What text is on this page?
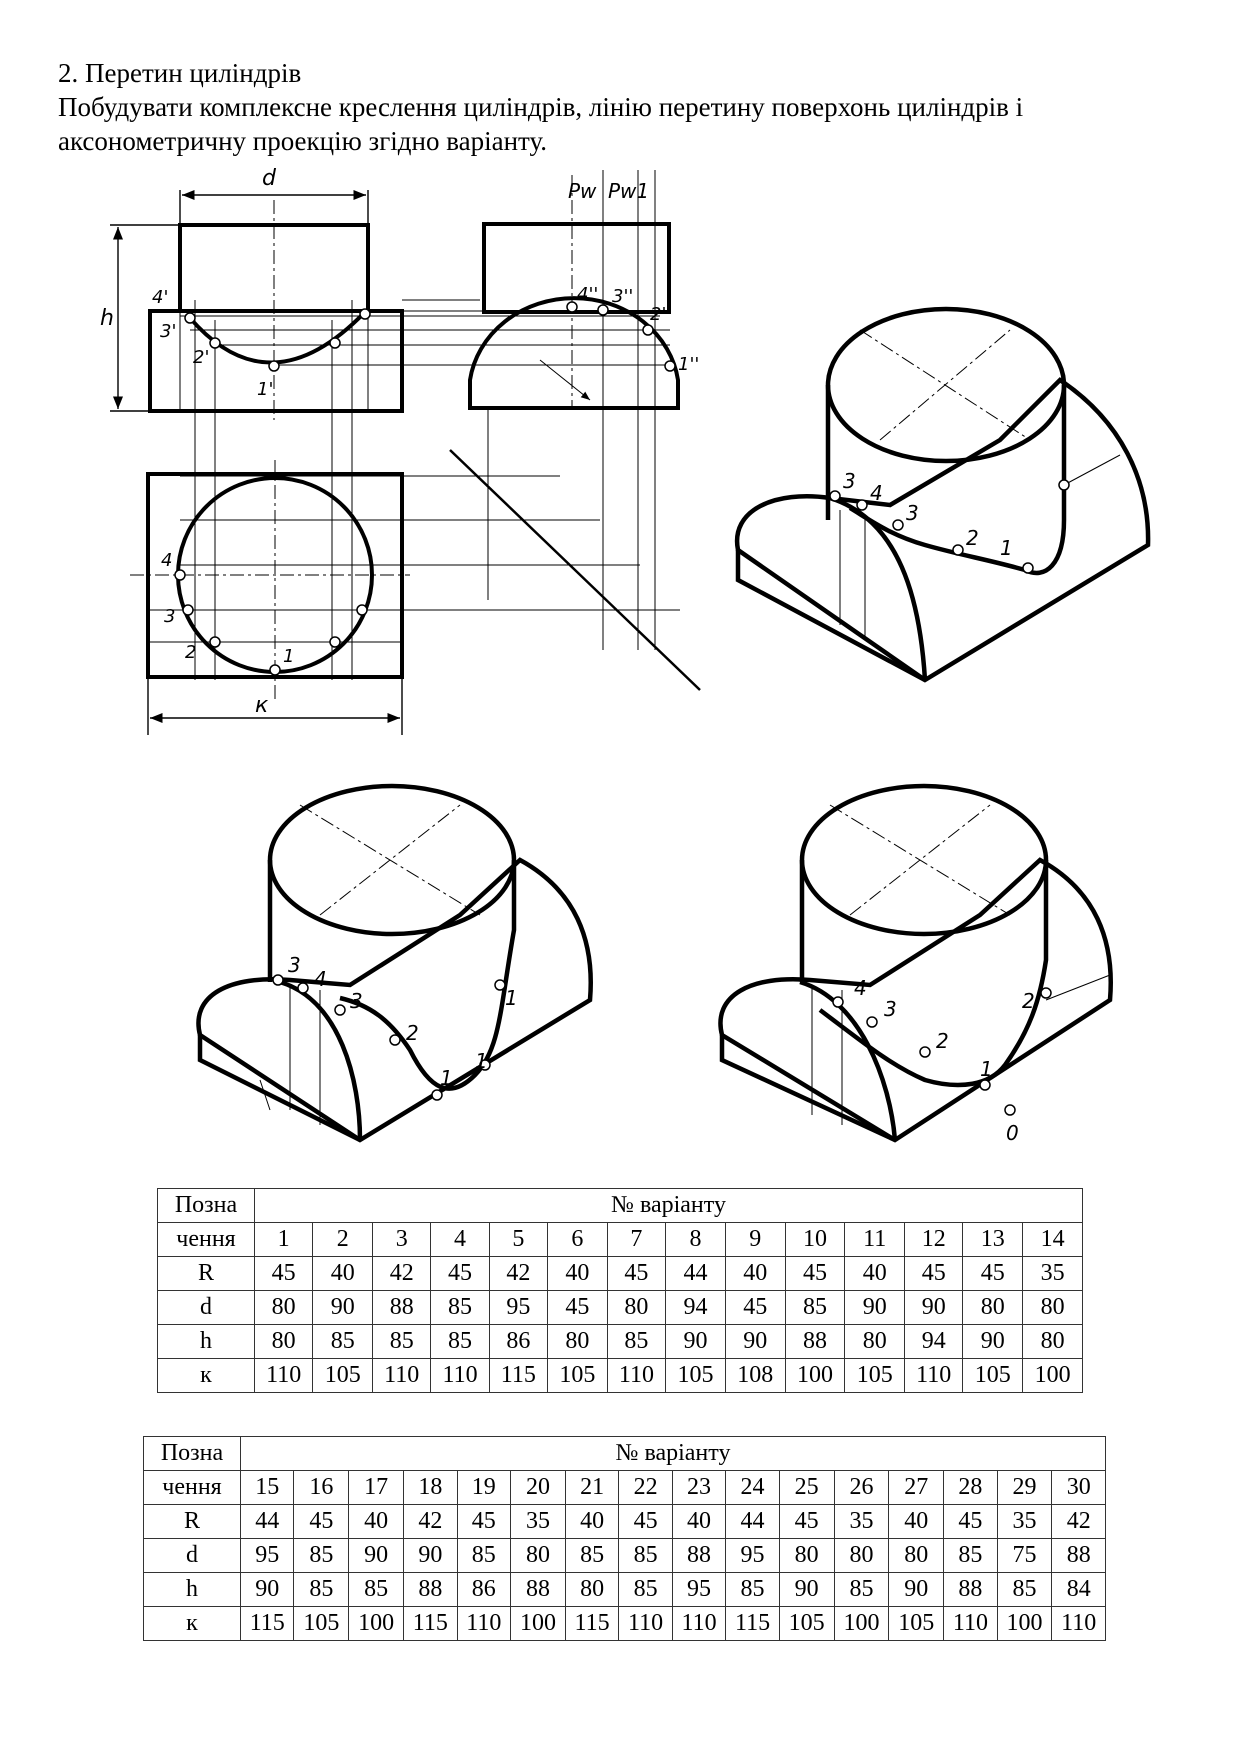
2. Перетин циліндрів
Побудувати комплексне креслення циліндрів, лінію перетину поверхонь циліндрів і
аксонометричну проекцію згідно варіанту.
d
h
к
Pw Pw1
4'
3'
2'
1'
4'' 3''
2''
1''
4
3
2	1
3 4
3
2 1
3
4
3
2
1
1
1	4
3
2
1
2
0
Позна	№ варіанту													
чення	1	2	3	4	5	6	7	8	9	10	11	12	13	14
R	45	40	42	45	42	40	45	44	40	45	40	45	45	35
d	80	90	88	85	95	45	80	94	45	85	90	90	80	80
h	80	85	85	85	86	80	85	90	90	88	80	94	90	80
к	110	105	110	110	115	105	110	105	108	100	105	110	105	100
Позна	№ варіанту															
чення	15	16	17	18	19	20	21	22	23	24	25	26	27	28	29	30
R	44	45	40	42	45	35	40	45	40	44	45	35	40	45	35	42
d	95	85	90	90	85	80	85	85	88	95	80	80	80	85	75	88
h	90	85	85	88	86	88	80	85	95	85	90	85	90	88	85	84
к	115	105	100	115	110	100	115	110	110	115	105	100	105	110	100	110
